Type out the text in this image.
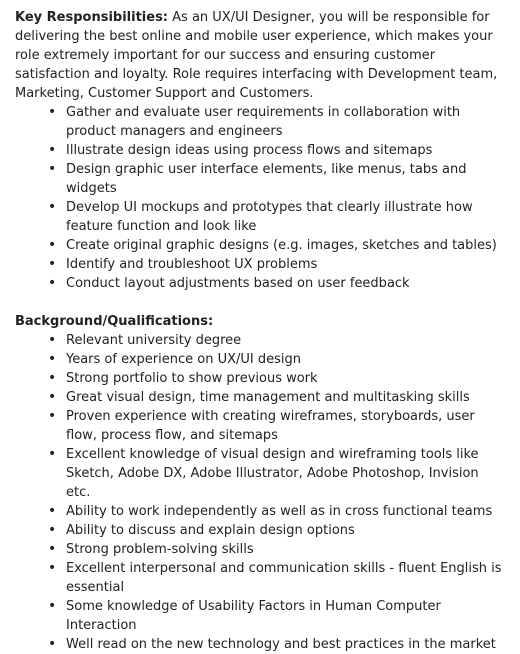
Key Responsibilities: As an UX/UI Designer, you will be responsible for delivering the best online and mobile user experience, which makes your role extremely important for our success and ensuring customer satisfaction and loyalty. Role requires interfacing with Development team, Marketing, Customer Support and Customers.

• Gather and evaluate user requirements in collaboration with product managers and engineers
• Illustrate design ideas using process flows and sitemaps
• Design graphic user interface elements, like menus, tabs and widgets
• Develop UI mockups and prototypes that clearly illustrate how feature function and look like
• Create original graphic designs (e.g. images, sketches and tables)
• Identify and troubleshoot UX problems
• Conduct layout adjustments based on user feedback

Background/Qualifications:

• Relevant university degree
• Years of experience on UX/UI design
• Strong portfolio to show previous work
• Great visual design, time management and multitasking skills
• Proven experience with creating wireframes, storyboards, user flow, process flow, and sitemaps
• Excellent knowledge of visual design and wireframing tools like Sketch, Adobe DX, Adobe Illustrator, Adobe Photoshop, Invision etc.
• Ability to work independently as well as in cross functional teams
• Ability to discuss and explain design options
• Strong problem-solving skills
• Excellent interpersonal and communication skills - fluent English is essential
• Some knowledge of Usability Factors in Human Computer Interaction
• Well read on the new technology and best practices in the market
